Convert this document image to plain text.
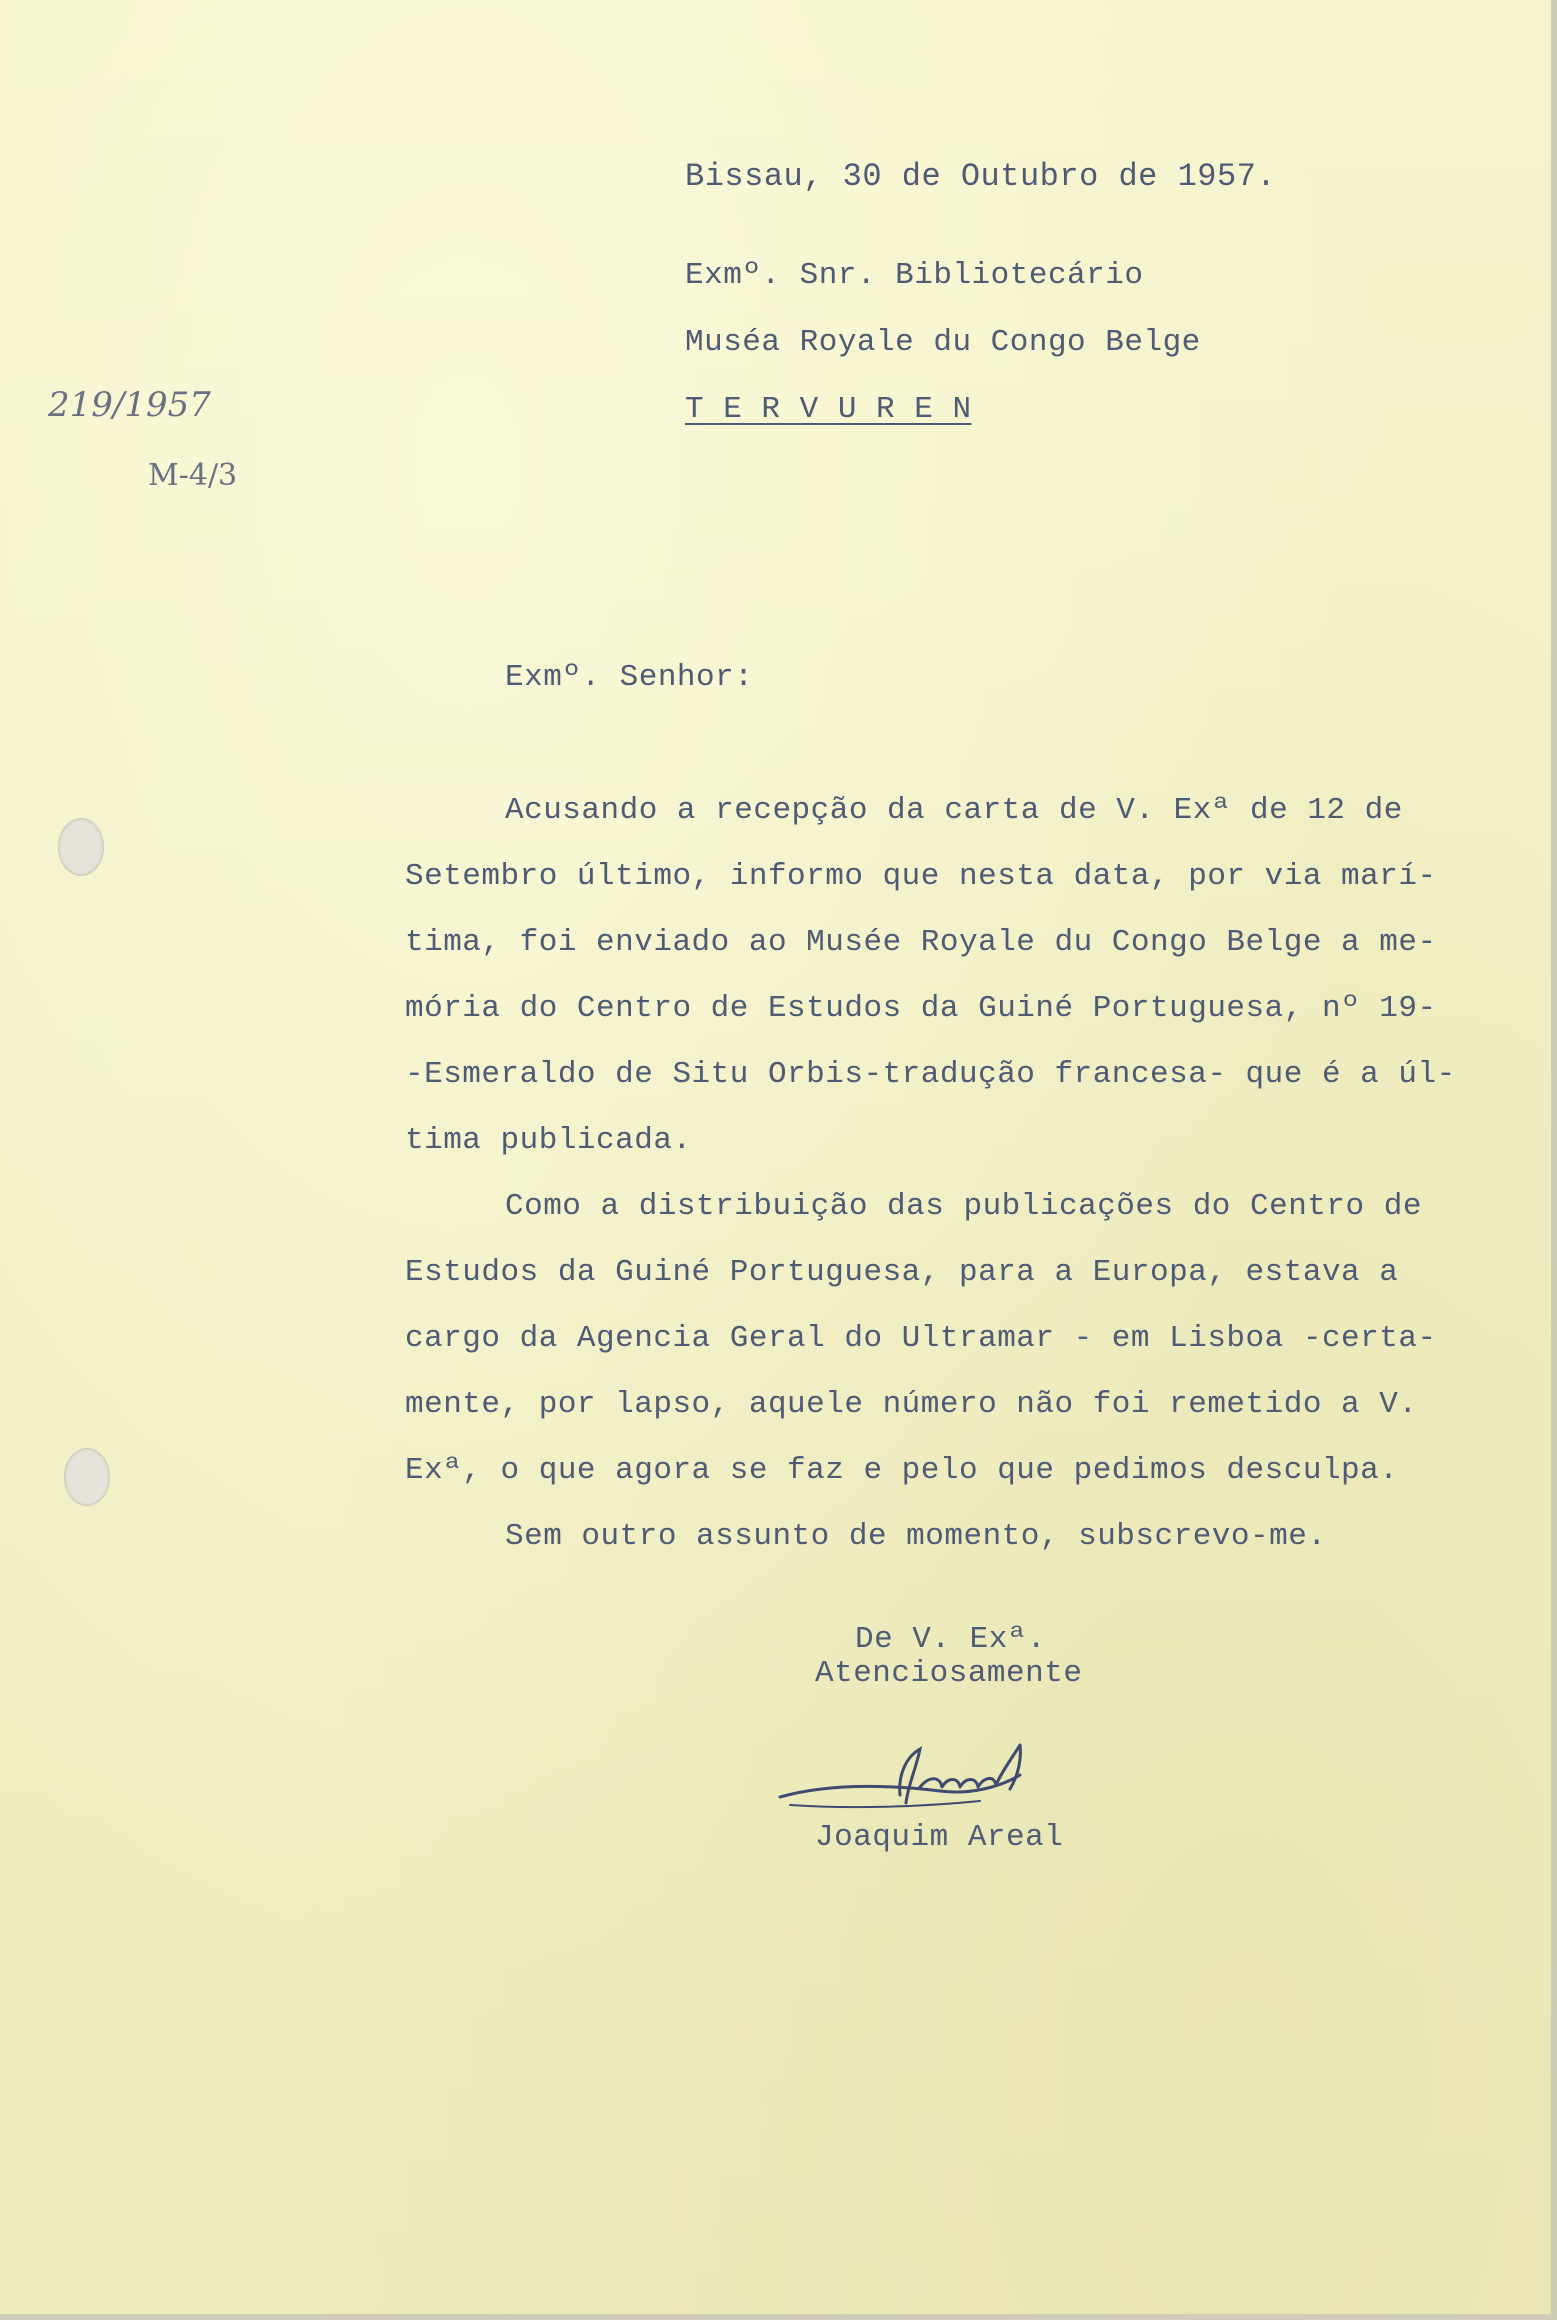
Bissau, 30 de Outubro de 1957.
Exmº. Snr. Bibliotecário
Muséa Royale du Congo Belge
T E R V U R E N
219/1957
M-4/3
Exmº. Senhor:
Acusando a recepção da carta de V. Exª de 12 de
Setembro último, informo que nesta data, por via marí-
tima, foi enviado ao Musée Royale du Congo Belge a me-
mória do Centro de Estudos da Guiné Portuguesa, nº 19-
-Esmeraldo de Situ Orbis-tradução francesa- que é a úl-
tima publicada.
Como a distribuição das publicações do Centro de
Estudos da Guiné Portuguesa, para a Europa, estava a
cargo da Agencia Geral do Ultramar - em Lisboa -certa-
mente, por lapso, aquele número não foi remetido a V.
Exª, o que agora se faz e pelo que pedimos desculpa.
Sem outro assunto de momento, subscrevo-me.
De V. Exª.
Atenciosamente
Joaquim Areal
